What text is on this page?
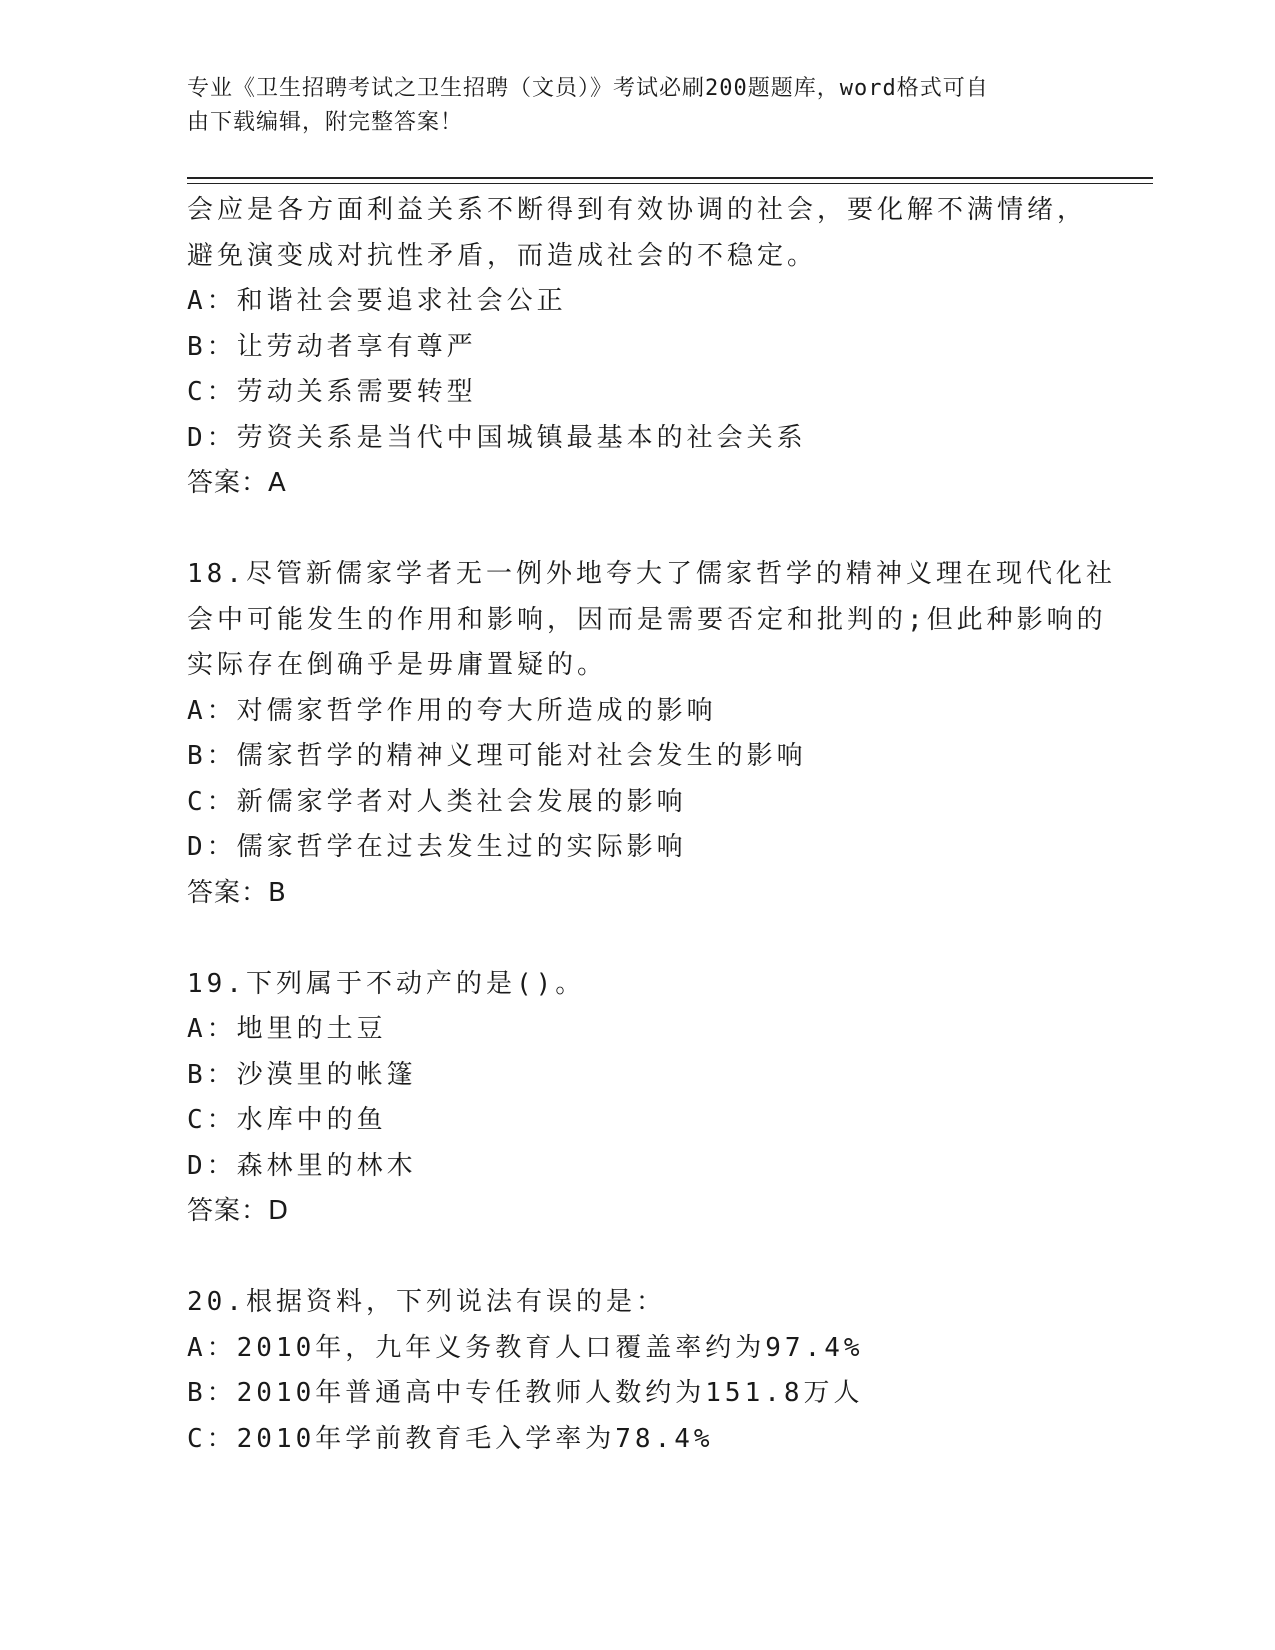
专业《卫生招聘考试之卫生招聘（文员）》考试必刷200题题库，word格式可自
由下载编辑，附完整答案！
会应是各方面利益关系不断得到有效协调的社会，要化解不满情绪，
避免演变成对抗性矛盾，而造成社会的不稳定。
A：和谐社会要追求社会公正
B：让劳动者享有尊严
C：劳动关系需要转型
D：劳资关系是当代中国城镇最基本的社会关系
答案：A
18.尽管新儒家学者无一例外地夸大了儒家哲学的精神义理在现代化社
会中可能发生的作用和影响，因而是需要否定和批判的;但此种影响的
实际存在倒确乎是毋庸置疑的。
A：对儒家哲学作用的夸大所造成的影响
B：儒家哲学的精神义理可能对社会发生的影响
C：新儒家学者对人类社会发展的影响
D：儒家哲学在过去发生过的实际影响
答案：B
19.下列属于不动产的是()。
A：地里的土豆
B：沙漠里的帐篷
C：水库中的鱼
D：森林里的林木
答案：D
20.根据资料，下列说法有误的是：
A：2010年，九年义务教育人口覆盖率约为97.4%
B：2010年普通高中专任教师人数约为151.8万人
C：2010年学前教育毛入学率为78.4%
